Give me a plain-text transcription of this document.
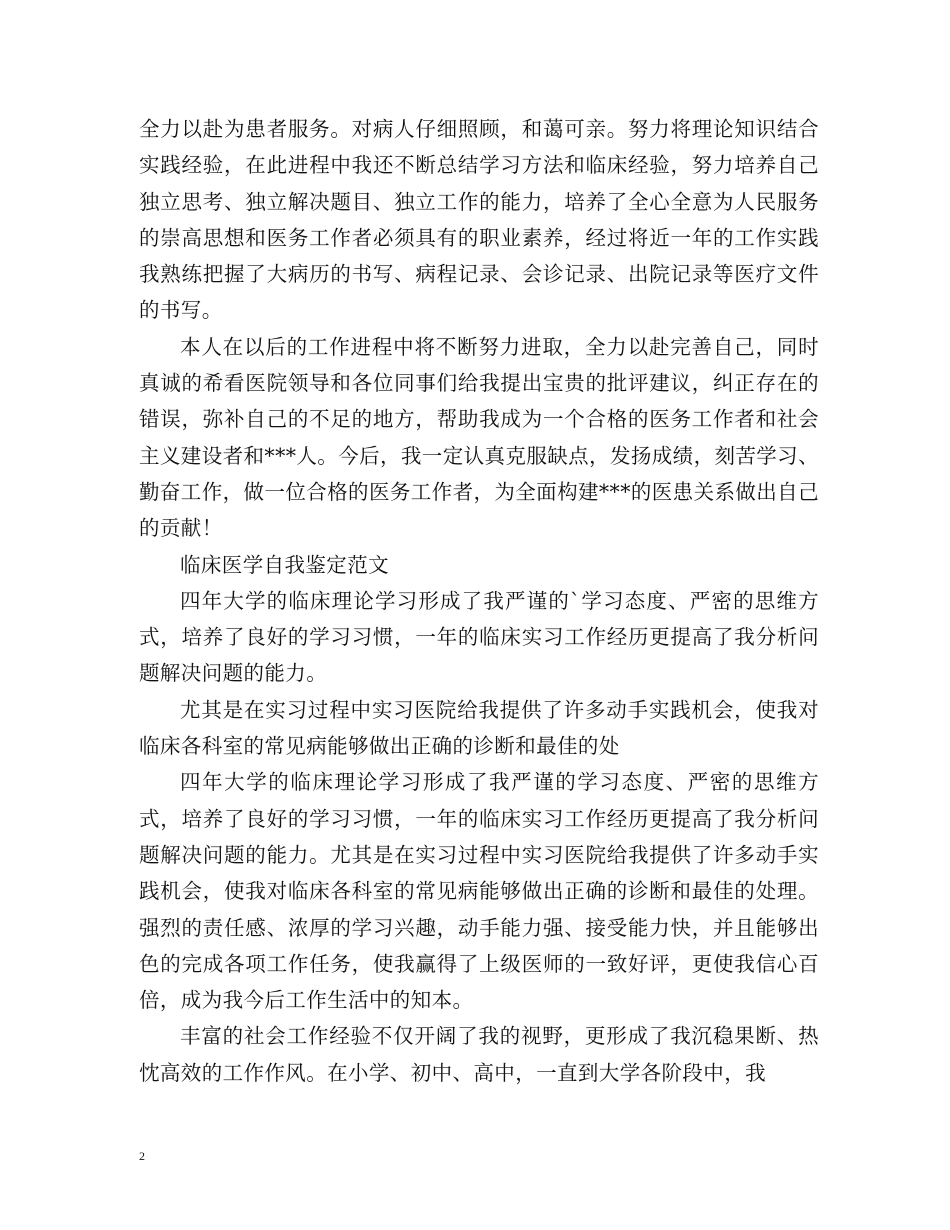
全力以赴为患者服务。对病人仔细照顾，和蔼可亲。努力将理论知识结合实践经验，在此进程中我还不断总结学习方法和临床经验，努力培养自己独立思考、独立解决题目、独立工作的能力，培养了全心全意为人民服务的崇高思想和医务工作者必须具有的职业素养，经过将近一年的工作实践我熟练把握了大病历的书写、病程记录、会诊记录、出院记录等医疗文件的书写。

本人在以后的工作进程中将不断努力进取，全力以赴完善自己，同时真诚的希看医院领导和各位同事们给我提出宝贵的批评建议，纠正存在的错误，弥补自己的不足的地方，帮助我成为一个合格的医务工作者和社会主义建设者和***人。今后，我一定认真克服缺点，发扬成绩，刻苦学习、勤奋工作，做一位合格的医务工作者，为全面构建***的医患关系做出自己的贡献！

临床医学自我鉴定范文

四年大学的临床理论学习形成了我严谨的`学习态度、严密的思维方式，培养了良好的学习习惯，一年的临床实习工作经历更提高了我分析问题解决问题的能力。

尤其是在实习过程中实习医院给我提供了许多动手实践机会，使我对临床各科室的常见病能够做出正确的诊断和最佳的处

四年大学的临床理论学习形成了我严谨的学习态度、严密的思维方式，培养了良好的学习习惯，一年的临床实习工作经历更提高了我分析问题解决问题的能力。尤其是在实习过程中实习医院给我提供了许多动手实践机会，使我对临床各科室的常见病能够做出正确的诊断和最佳的处理。强烈的责任感、浓厚的学习兴趣，动手能力强、接受能力快，并且能够出色的完成各项工作任务，使我赢得了上级医师的一致好评，更使我信心百倍，成为我今后工作生活中的知本。

丰富的社会工作经验不仅开阔了我的视野，更形成了我沉稳果断、热忱高效的工作作风。在小学、初中、高中，一直到大学各阶段中，我

2
